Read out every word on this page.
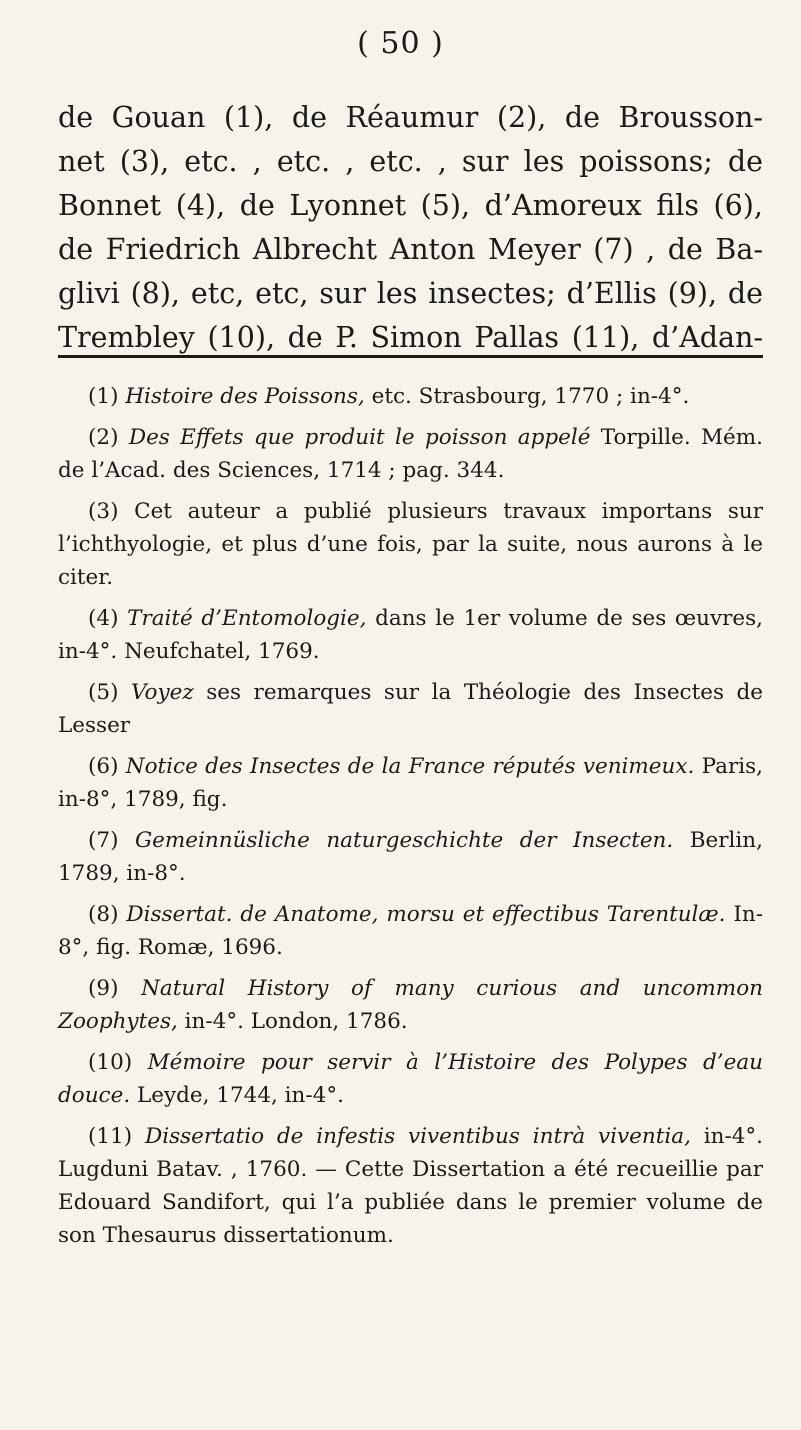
( 50 )
de Gouan (1), de Réaumur (2), de Brousson-
net (3), etc. , etc. , etc. , sur les poissons; de
Bonnet (4), de Lyonnet (5), d’Amoreux fils (6),
de Friedrich Albrecht Anton Meyer (7) , de Ba-
glivi (8), etc, etc, sur les insectes; d’Ellis (9), de
Trembley (10), de P. Simon Pallas (11), d’Adan-
(1) Histoire des Poissons, etc. Strasbourg, 1770 ; in-4°.
(2) Des Effets que produit le poisson appelé Torpille. Mém. de l’Acad. des Sciences, 1714 ; pag. 344.
(3) Cet auteur a publié plusieurs travaux importans sur l’ichthyologie, et plus d’une fois, par la suite, nous aurons à le citer.
(4) Traité d’Entomologie, dans le 1er volume de ses œuvres, in-4°. Neufchatel, 1769.
(5) Voyez ses remarques sur la Théologie des Insectes de Lesser
(6) Notice des Insectes de la France réputés venimeux. Paris, in-8°, 1789, fig.
(7) Gemeinnüsliche naturgeschichte der Insecten. Berlin, 1789, in-8°.
(8) Dissertat. de Anatome, morsu et effectibus Tarentulæ. In-8°, fig. Romæ, 1696.
(9) Natural History of many curious and uncommon Zoophytes, in-4°. London, 1786.
(10) Mémoire pour servir à l’Histoire des Polypes d’eau douce. Leyde, 1744, in-4°.
(11) Dissertatio de infestis viventibus intrà viventia, in-4°. Lugduni Batav. , 1760. — Cette Dissertation a été recueillie par Edouard Sandifort, qui l’a publiée dans le premier volume de son Thesaurus dissertationum.
